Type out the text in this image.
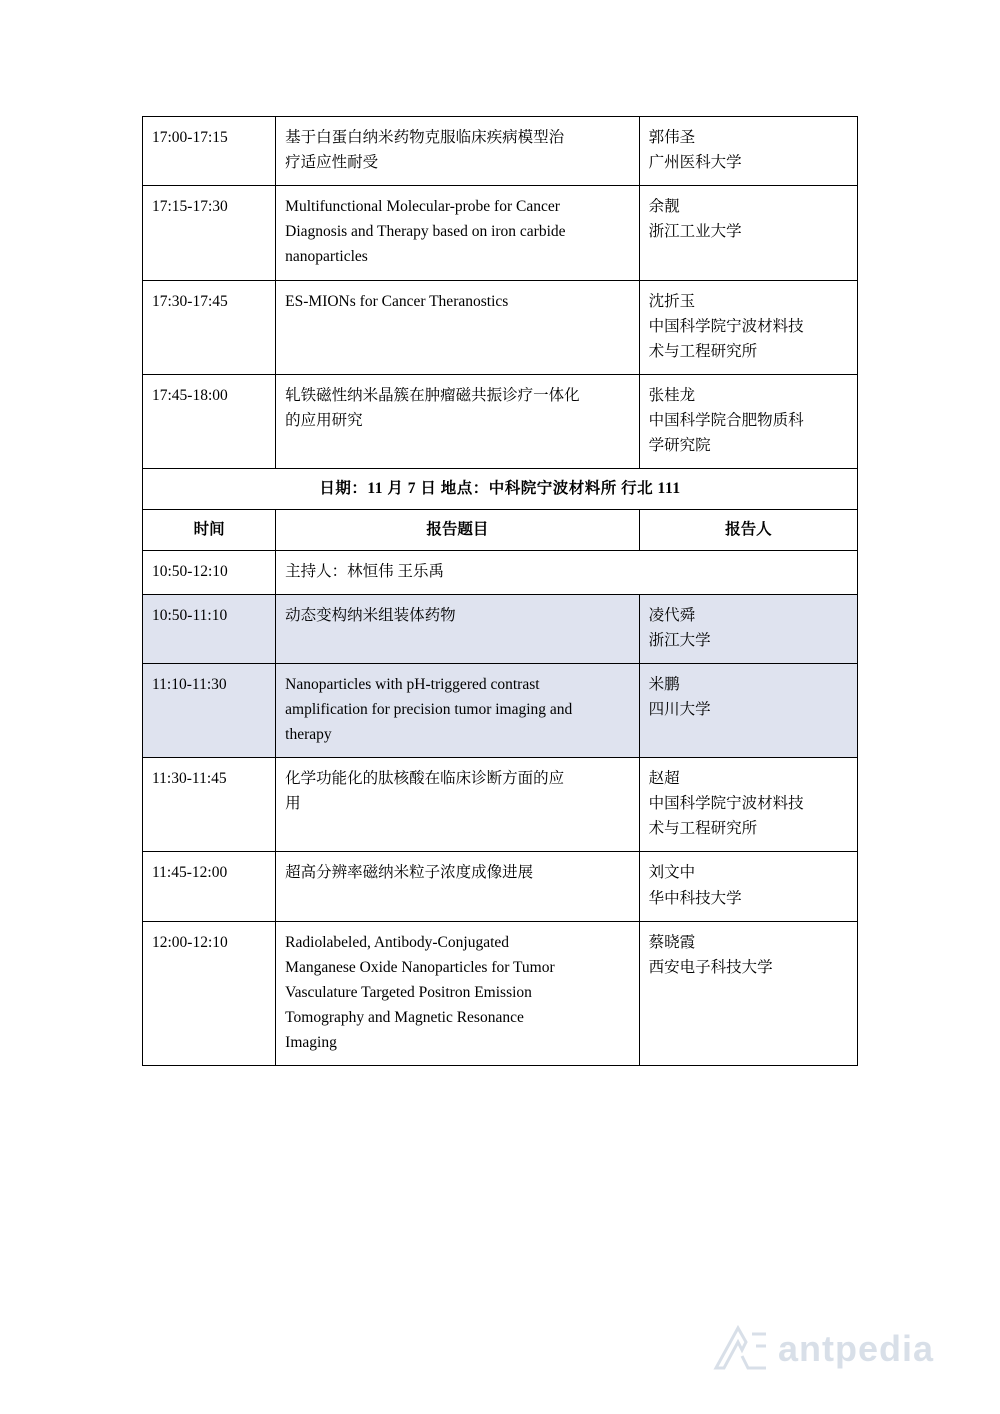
17:00-17:15	基于白蛋白纳米药物克服临床疾病模型治
疗适应性耐受	郭伟圣
广州医科大学

17:15-17:30	Multifunctional Molecular-probe for Cancer
Diagnosis and Therapy based on iron carbide
nanoparticles	余靓
浙江工业大学

17:30-17:45	ES-MIONs for Cancer Theranostics	沈折玉
中国科学院宁波材料技
术与工程研究所

17:45-18:00	轧铁磁性纳米晶簇在肿瘤磁共振诊疗一体化
的应用研究	张桂龙
中国科学院合肥物质科
学研究院

日期：11 月 7 日 地点：中科院宁波材料所 行北 111		
时间	报告题目	报告人
10:50-12:10	主持人：林恒伟 王乐禹	
10:50-11:10	动态变构纳米组装体药物	凌代舜
浙江大学

11:10-11:30	Nanoparticles with pH-triggered contrast
amplification for precision tumor imaging and
therapy	米鹏
四川大学

11:30-11:45	化学功能化的肽核酸在临床诊断方面的应
用	赵超
中国科学院宁波材料技
术与工程研究所

11:45-12:00	超高分辨率磁纳米粒子浓度成像进展	刘文中
华中科技大学

12:00-12:10	Radiolabeled, Antibody-Conjugated
Manganese Oxide Nanoparticles for Tumor
Vasculature Targeted Positron Emission
Tomography and Magnetic Resonance
Imaging	蔡晓霞
西安电子科技大学
antpedia
